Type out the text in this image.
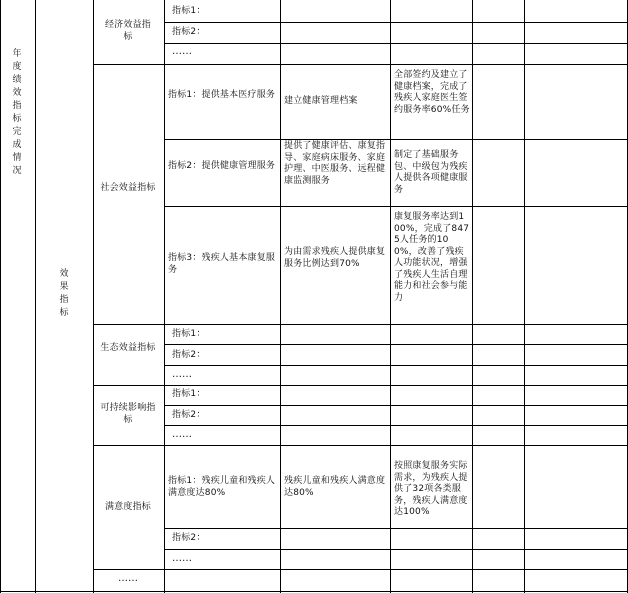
年度绩效指标完成情况
效果指标
经济效益指标
指标1：
指标2：
……
社会效益指标
指标1：提供基本医疗服务
建立健康管理档案
全部签约及建立了健康档案，完成了残疾人家庭医生签约服务率60%任务
指标2：提供健康管理服务
提供了健康评估、康复指导、家庭病床服务、家庭护理、中医服务、远程健康监测服务
制定了基础服务包、中级包为残疾人提供各项健康服务
指标3：残疾人基本康复服务
为由需求残疾人提供康复服务比例达到70%
康复服务率达到100%，完成了8475人任务的100%，改善了残疾人功能状况，增强了残疾人生活自理能力和社会参与能力
生态效益指标
指标1：
指标2：
……
可持续影响指标
指标1：
指标2：
……
满意度指标
指标1：残疾儿童和残疾人满意度达80%
残疾儿童和残疾人满意度达80%
按照康复服务实际需求，为残疾人提供了32项各类服务，残疾人满意度达100%
指标2：
……
……
